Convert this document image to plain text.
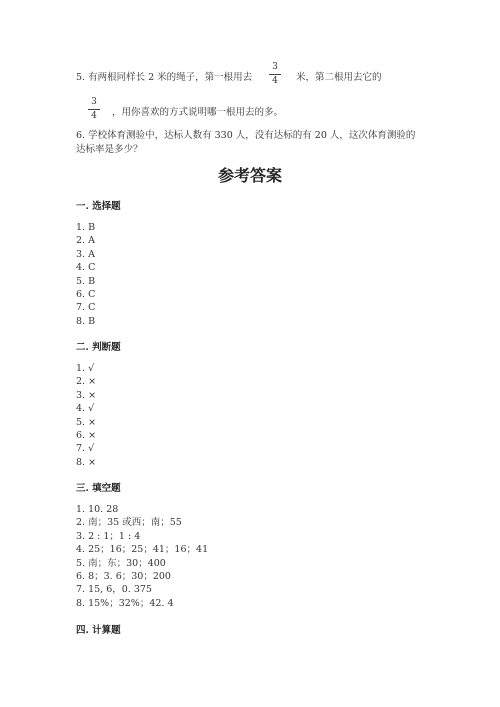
5. 有两根同样长 2 米的绳子，第一根用去
3
4	米，第二根用去它的
3
4	，用你喜欢的方式说明哪一根用去的多。
6. 学校体育测验中，达标人数有 330 人，没有达标的有 20 人，这次体育测验的
达标率是多少？
参考答案
一. 选择题
1. B
2. A
3. A
4. C
5. B
6. C
7. C
8. B
二. 判断题
1. √
2. ×
3. ×
4. √
5. ×
6. ×
7. √
8. ×
三. 填空题
1. 10. 28
2. 南；35 或西；南；55
3. 2 : 1；1 : 4
4. 25；16；25；41；16；41
5. 南；东；30；400
6. 8；3. 6；30；200
7. 15, 6，0. 375
8. 15%；32%；42. 4
四. 计算题
